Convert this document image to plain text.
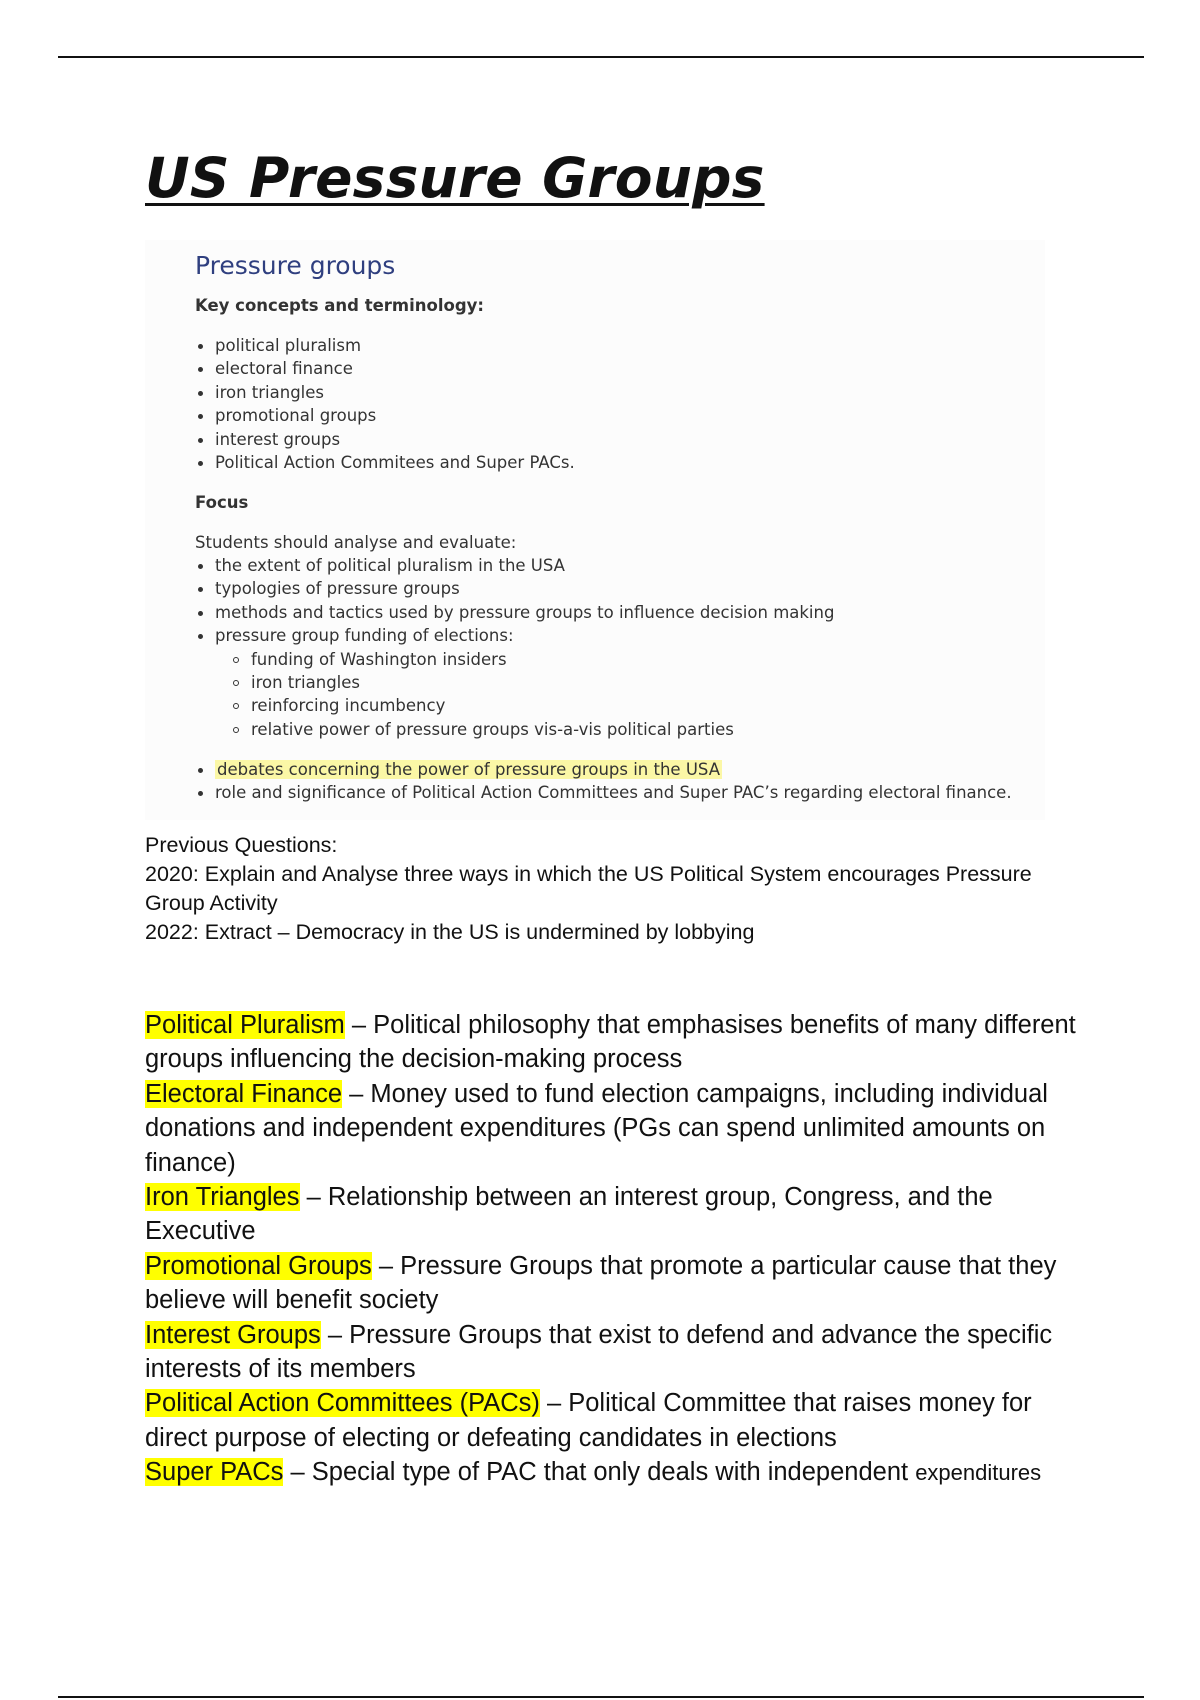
US Pressure Groups
Pressure groups

Key concepts and terminology:

political pluralism
electoral finance
iron triangles
promotional groups
interest groups
Political Action Commitees and Super PACs.

Focus

Students should analyse and evaluate:

the extent of political pluralism in the USA
typologies of pressure groups
methods and tactics used by pressure groups to influence decision making
pressure group funding of elections:
funding of Washington insiders
iron triangles
reinforcing incumbency
relative power of pressure groups vis-a-vis political parties
debates concerning the power of pressure groups in the USA
role and significance of Political Action Committees and Super PAC’s regarding electoral finance.

Previous Questions:

2020: Explain and Analyse three ways in which the US Political System encourages Pressure Group Activity

2022: Extract – Democracy in the US is undermined by lobbying

Political Pluralism – Political philosophy that emphasises benefits of many different groups influencing the decision-making process

Electoral Finance – Money used to fund election campaigns, including individual donations and independent expenditures (PGs can spend unlimited amounts on finance)

Iron Triangles – Relationship between an interest group, Congress, and the Executive

Promotional Groups – Pressure Groups that promote a particular cause that they believe will benefit society

Interest Groups – Pressure Groups that exist to defend and advance the specific interests of its members

Political Action Committees (PACs) – Political Committee that raises money for direct purpose of electing or defeating candidates in elections

Super PACs – Special type of PAC that only deals with independent expenditures
